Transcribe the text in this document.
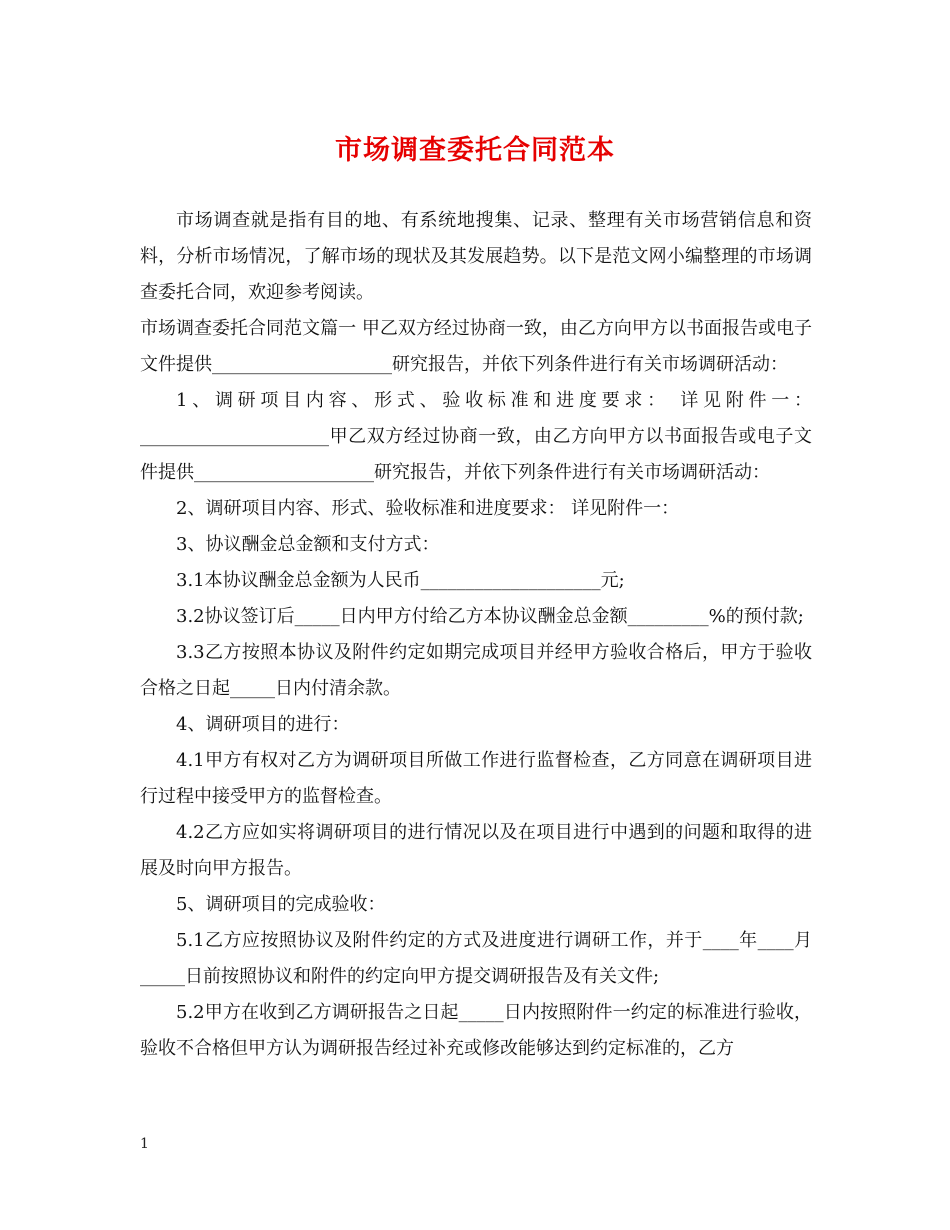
市场调查委托合同范本

市场调查就是指有目的地、有系统地搜集、记录、整理有关市场营销信息和资料，分析市场情况，了解市场的现状及其发展趋势。以下是范文网小编整理的市场调查委托合同，欢迎参考阅读。

市场调查委托合同范文篇一 甲乙双方经过协商一致，由乙方向甲方以书面报告或电子文件提供____________________研究报告，并依下列条件进行有关市场调研活动：

1、调研项目内容、形式、验收标准和进度要求： 详见附件一：_____________________甲乙双方经过协商一致，由乙方向甲方以书面报告或电子文件提供____________________研究报告，并依下列条件进行有关市场调研活动：

2、调研项目内容、形式、验收标准和进度要求： 详见附件一：

3、协议酬金总金额和支付方式：

3.1本协议酬金总金额为人民币____________________元;

3.2协议签订后_____日内甲方付给乙方本协议酬金总金额_________%的预付款;

3.3乙方按照本协议及附件约定如期完成项目并经甲方验收合格后，甲方于验收合格之日起_____日内付清余款。

4、调研项目的进行：

4.1甲方有权对乙方为调研项目所做工作进行监督检查，乙方同意在调研项目进行过程中接受甲方的监督检查。

4.2乙方应如实将调研项目的进行情况以及在项目进行中遇到的问题和取得的进展及时向甲方报告。

5、调研项目的完成验收：

5.1乙方应按照协议及附件约定的方式及进度进行调研工作，并于____年____月 _____日前按照协议和附件的约定向甲方提交调研报告及有关文件;

5.2甲方在收到乙方调研报告之日起_____日内按照附件一约定的标准进行验收，验收不合格但甲方认为调研报告经过补充或修改能够达到约定标准的，乙方

1
